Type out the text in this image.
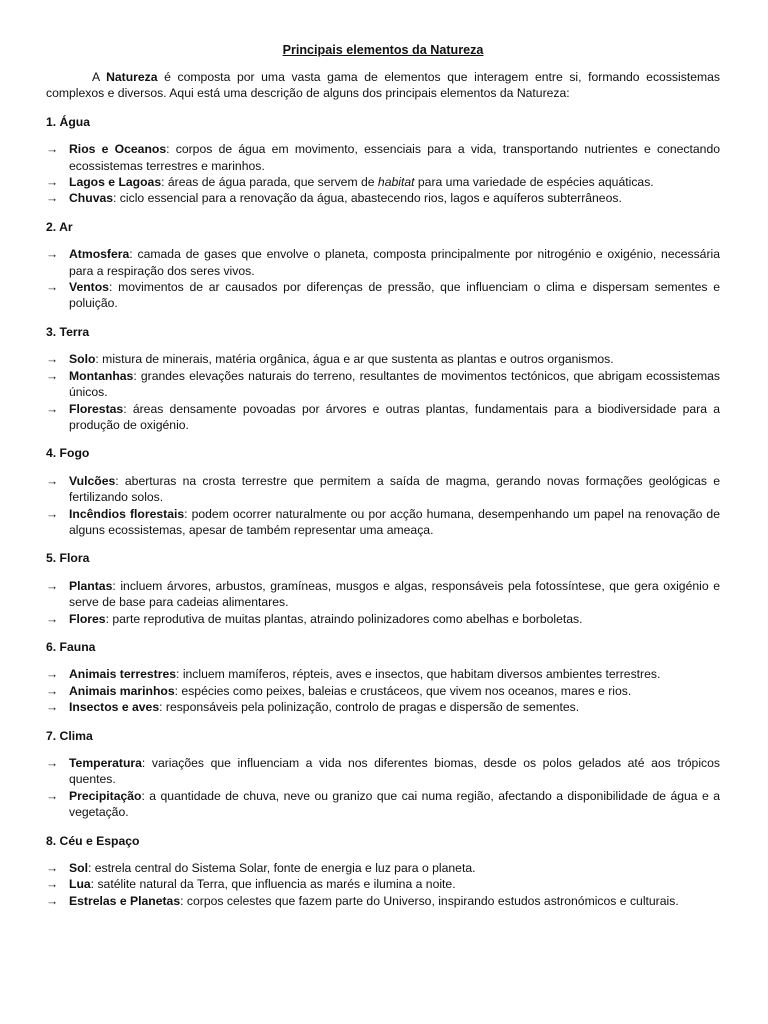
Principais elementos da Natureza

A Natureza é composta por uma vasta gama de elementos que interagem entre si, formando ecossistemas complexos e diversos. Aqui está uma descrição de alguns dos principais elementos da Natureza:

1. Água

→ Rios e Oceanos: corpos de água em movimento, essenciais para a vida, transportando nutrientes e conectando ecossistemas terrestres e marinhos.
→ Lagos e Lagoas: áreas de água parada, que servem de habitat para uma variedade de espécies aquáticas.
→ Chuvas: ciclo essencial para a renovação da água, abastecendo rios, lagos e aquíferos subterrâneos.

2. Ar

→ Atmosfera: camada de gases que envolve o planeta, composta principalmente por nitrogénio e oxigénio, necessária para a respiração dos seres vivos.
→ Ventos: movimentos de ar causados por diferenças de pressão, que influenciam o clima e dispersam sementes e poluição.

3. Terra

→ Solo: mistura de minerais, matéria orgânica, água e ar que sustenta as plantas e outros organismos.
→ Montanhas: grandes elevações naturais do terreno, resultantes de movimentos tectónicos, que abrigam ecossistemas únicos.
→ Florestas: áreas densamente povoadas por árvores e outras plantas, fundamentais para a biodiversidade para a produção de oxigénio.

4. Fogo

→ Vulcões: aberturas na crosta terrestre que permitem a saída de magma, gerando novas formações geológicas e fertilizando solos.
→ Incêndios florestais: podem ocorrer naturalmente ou por acção humana, desempenhando um papel na renovação de alguns ecossistemas, apesar de também representar uma ameaça.

5. Flora

→ Plantas: incluem árvores, arbustos, gramíneas, musgos e algas, responsáveis pela fotossíntese, que gera oxigénio e serve de base para cadeias alimentares.
→ Flores: parte reprodutiva de muitas plantas, atraindo polinizadores como abelhas e borboletas.

6. Fauna

→ Animais terrestres: incluem mamíferos, répteis, aves e insectos, que habitam diversos ambientes terrestres.
→ Animais marinhos: espécies como peixes, baleias e crustáceos, que vivem nos oceanos, mares e rios.
→ Insectos e aves: responsáveis pela polinização, controlo de pragas e dispersão de sementes.

7. Clima

→ Temperatura: variações que influenciam a vida nos diferentes biomas, desde os polos gelados até aos trópicos quentes.
→ Precipitação: a quantidade de chuva, neve ou granizo que cai numa região, afectando a disponibilidade de água e a vegetação.

8. Céu e Espaço

→ Sol: estrela central do Sistema Solar, fonte de energia e luz para o planeta.
→ Lua: satélite natural da Terra, que influencia as marés e ilumina a noite.
→ Estrelas e Planetas: corpos celestes que fazem parte do Universo, inspirando estudos astronómicos e culturais.
